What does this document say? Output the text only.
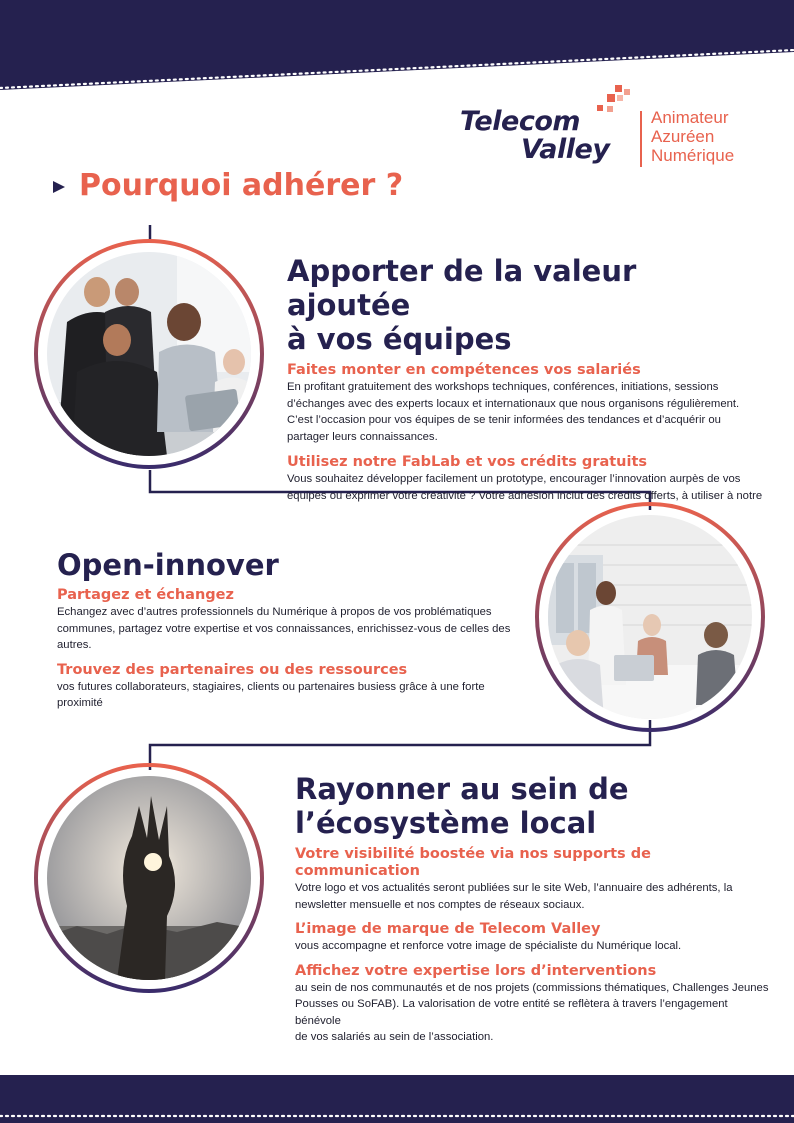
Telecom
Valley
Animateur
Azuréen
Numérique
Pourquoi adhérer ?

Apporter de la valeur ajoutée

à vos équipes

Faites monter en compétences vos salariés

En profitant gratuitement des workshops techniques, conférences, initiations, sessions

d’échanges avec des experts locaux et internationaux que nous organisons régulièrement.

C’est l’occasion pour vos équipes de se tenir informées des tendances et d’acquérir ou

partager leurs connaissances.

Utilisez notre FabLab et vos crédits gratuits

Vous souhaitez développer facilement un prototype, encourager l’innovation aurpès de vos

équipes ou exprimer votre créativité ? Votre adhésion inclut des crédits offerts, à utiliser à notre

Open-innover

Partagez et échangez

Echangez avec d’autres professionnels du Numérique à propos de vos problématiques

communes, partagez votre expertise et vos connaissances, enrichissez-vous de celles des

autres.

Trouvez des partenaires ou des ressources

vos futures collaborateurs, stagiaires, clients ou partenaires busiess grâce à une forte proximité

Rayonner au sein de

l’écosystème local

Votre visibilité boostée via nos supports de

communication

Votre logo et vos actualités seront publiées sur le site Web, l’annuaire des adhérents, la

newsletter mensuelle et nos comptes de réseaux sociaux.

L’image de marque de Telecom Valley

vous accompagne et renforce votre image de spécialiste du Numérique local.

Affichez votre expertise lors d’interventions

au sein de nos communautés et de nos projets (commissions thématiques, Challenges Jeunes

Pousses ou SoFAB). La valorisation de votre entité se reflètera à travers l’engagement bénévole

de vos salariés au sein de l’association.
